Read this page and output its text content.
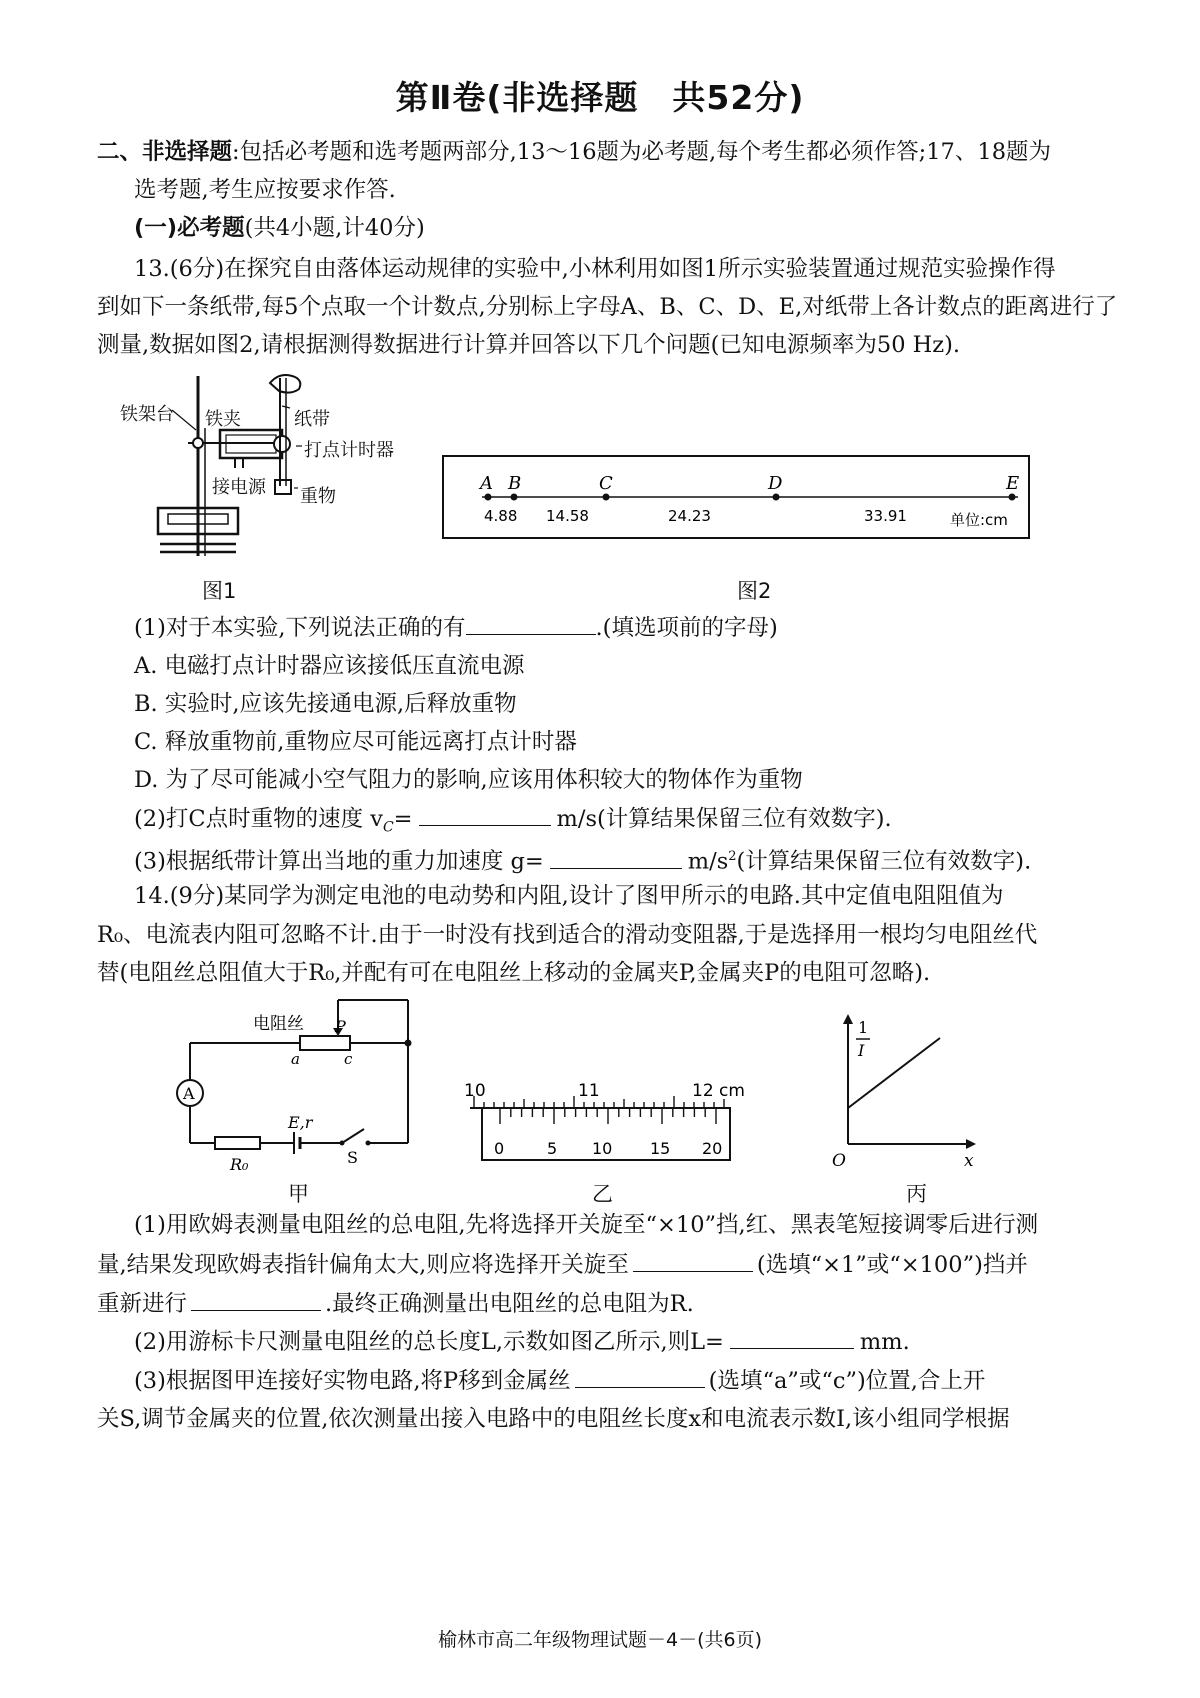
第Ⅱ卷(非选择题　共52分)
二、非选择题:包括必考题和选考题两部分,13～16题为必考题,每个考生都必须作答;17、18题为
选考题,考生应按要求作答.
(一)必考题(共4小题,计40分)
13.(6分)在探究自由落体运动规律的实验中,小林利用如图1所示实验装置通过规范实验操作得
到如下一条纸带,每5个点取一个计数点,分别标上字母A、B、C、D、E,对纸带上各计数点的距离进行了
测量,数据如图2,请根据测得数据进行计算并回答以下几个问题(已知电源频率为50 Hz).
铁架台 铁夹	纸带
打点计时器
接电源 重物
图1
A B	C	D	E
4.88 14.58	24.23	33.91	单位:cm
图2
(1)对于本实验,下列说法正确的有	.(填选项前的字母)
A. 电磁打点计时器应该接低压直流电源
B. 实验时,应该先接通电源,后释放重物
C. 释放重物前,重物应尽可能远离打点计时器
D. 为了尽可能减小空气阻力的影响,应该用体积较大的物体作为重物
(2)打C点时重物的速度 $v_C=$	m/s(计算结果保留三位有效数字).
(3)根据纸带计算出当地的重力加速度 g=	$m/s^2$(计算结果保留三位有效数字).
14.(9分)某同学为测定电池的电动势和内阻,设计了图甲所示的电路.其中定值电阻阻值为
R₀、电流表内阻可忽略不计.由于一时没有找到适合的滑动变阻器,于是选择用一根均匀电阻丝代
替(电阻丝总阻值大于R₀,并配有可在电阻丝上移动的金属夹P,金属夹P的电阻可忽略).
A
电阻丝 P
a	c
E,r
R₀	S
甲
10	11	12 cm
0	5 10 15 20
乙
1
I
O	x
丙
(1)用欧姆表测量电阻丝的总电阻,先将选择开关旋至“×10”挡,红、黑表笔短接调零后进行测
量,结果发现欧姆表指针偏角太大,则应将选择开关旋至	(选填“×1”或“×100”)挡并
重新进行	.最终正确测量出电阻丝的总电阻为R.
(2)用游标卡尺测量电阻丝的总长度L,示数如图乙所示,则L=	mm.
(3)根据图甲连接好实物电路,将P移到金属丝	(选填“a”或“c”)位置,合上开
关S,调节金属夹的位置,依次测量出接入电路中的电阻丝长度x和电流表示数I,该小组同学根据
榆林市高二年级物理试题－4－(共6页)
